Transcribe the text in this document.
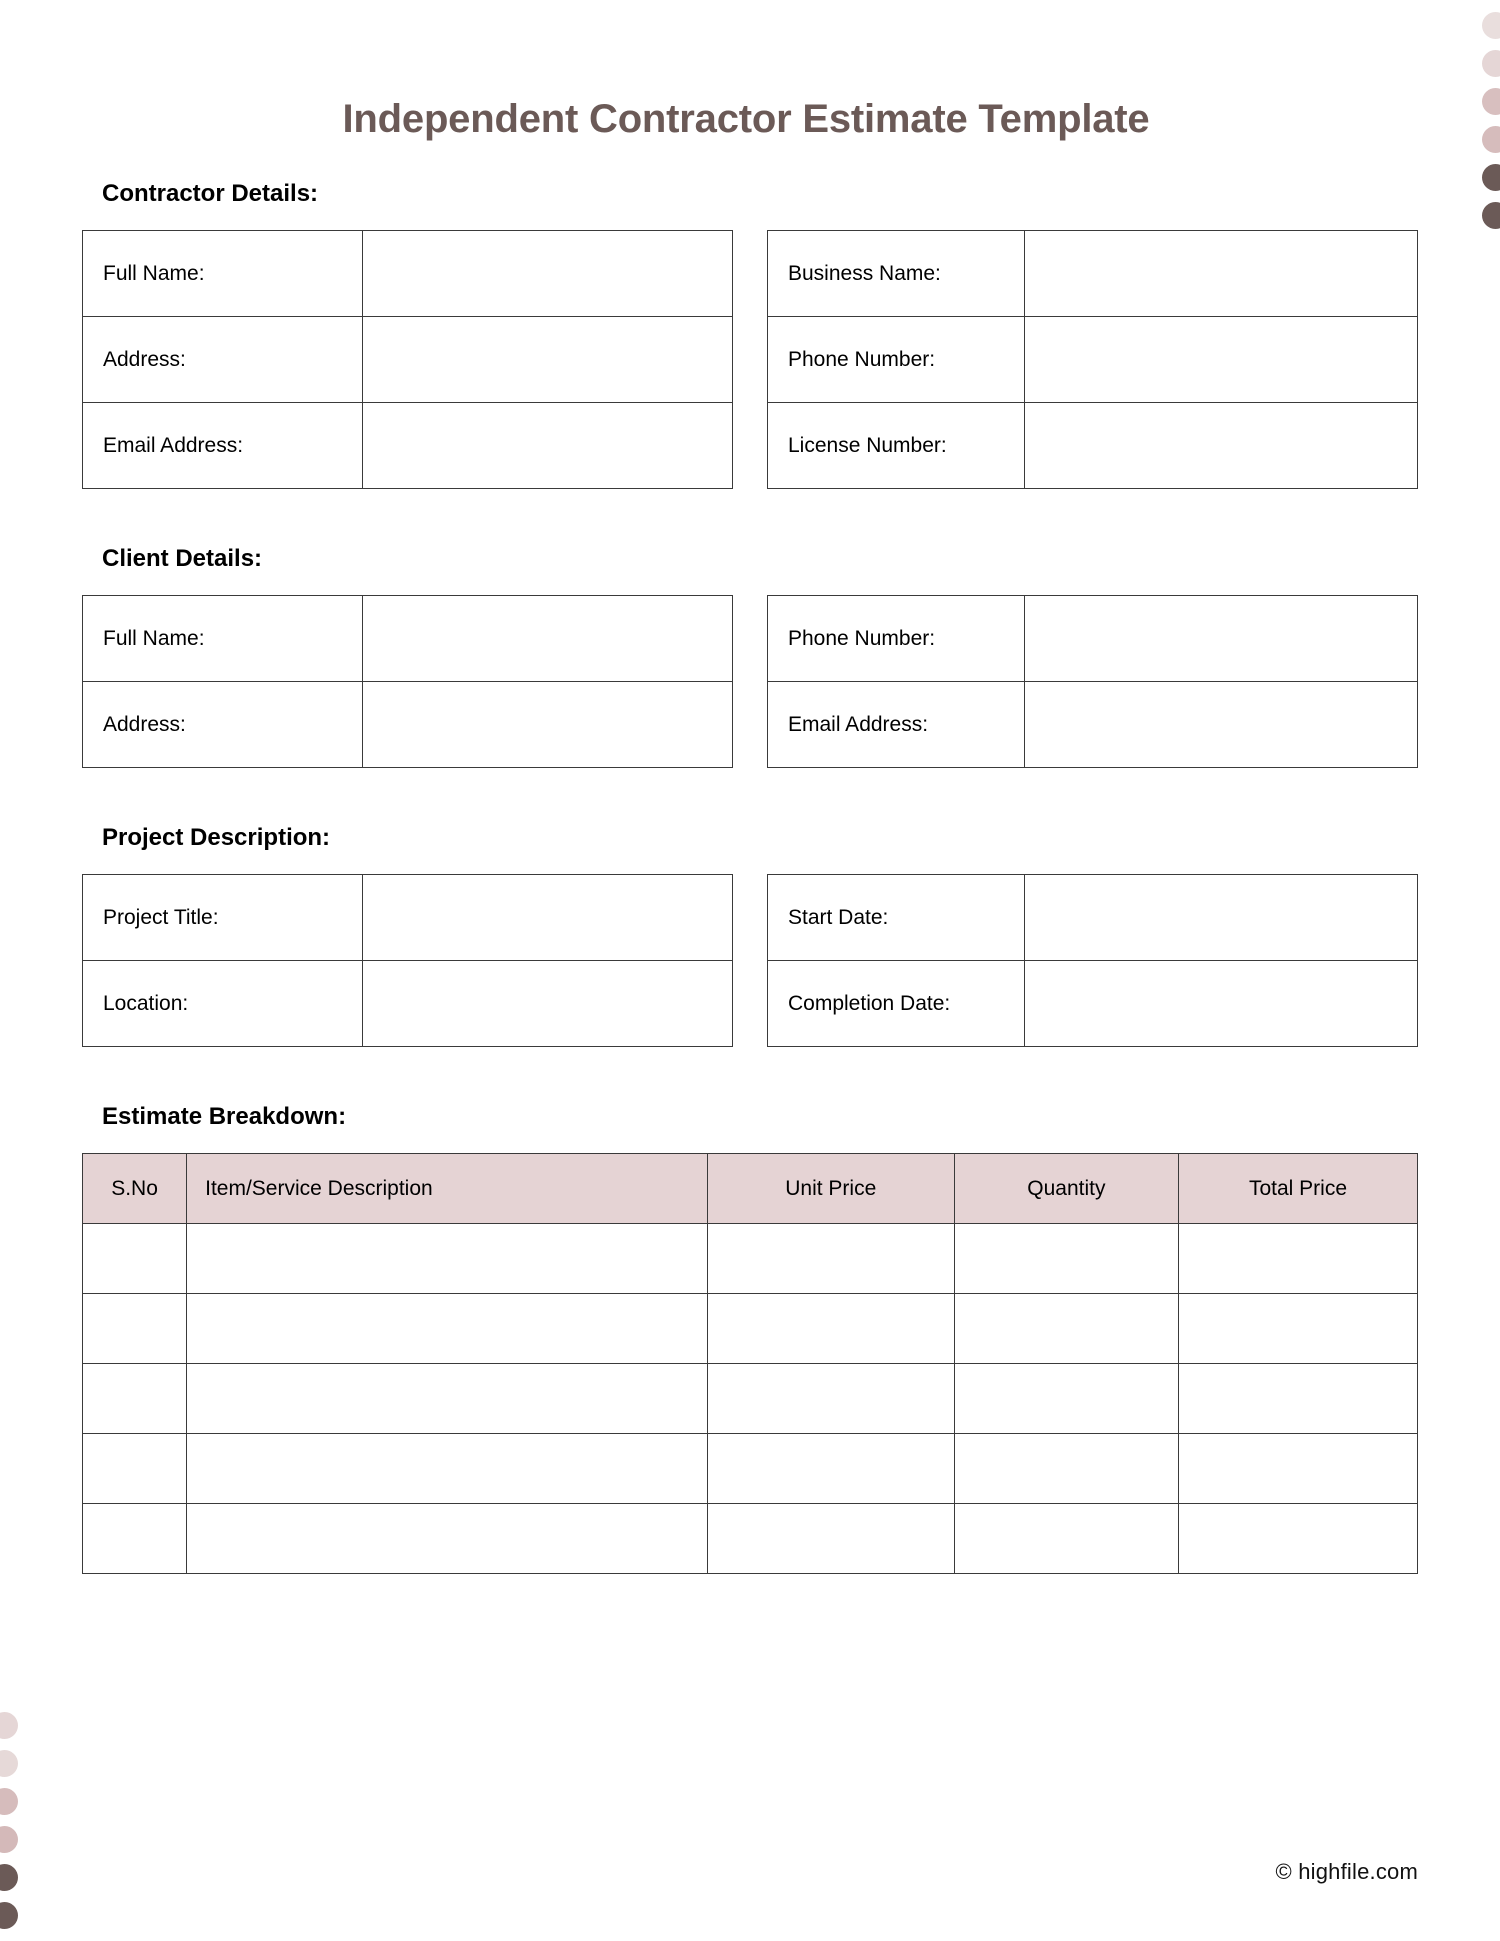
Independent Contractor Estimate Template
Contractor Details:
Full Name:	
Address:	
Email Address:	
Business Name:	
Phone Number:	
License Number:	
Client Details:
Full Name:	
Address:	
Phone Number:	
Email Address:	
Project Description:
Project Title:	
Location:	
Start Date:	
Completion Date:	
Estimate Breakdown:
S.No	Item/Service Description	Unit Price	Quantity	Total Price

© highfile.com
